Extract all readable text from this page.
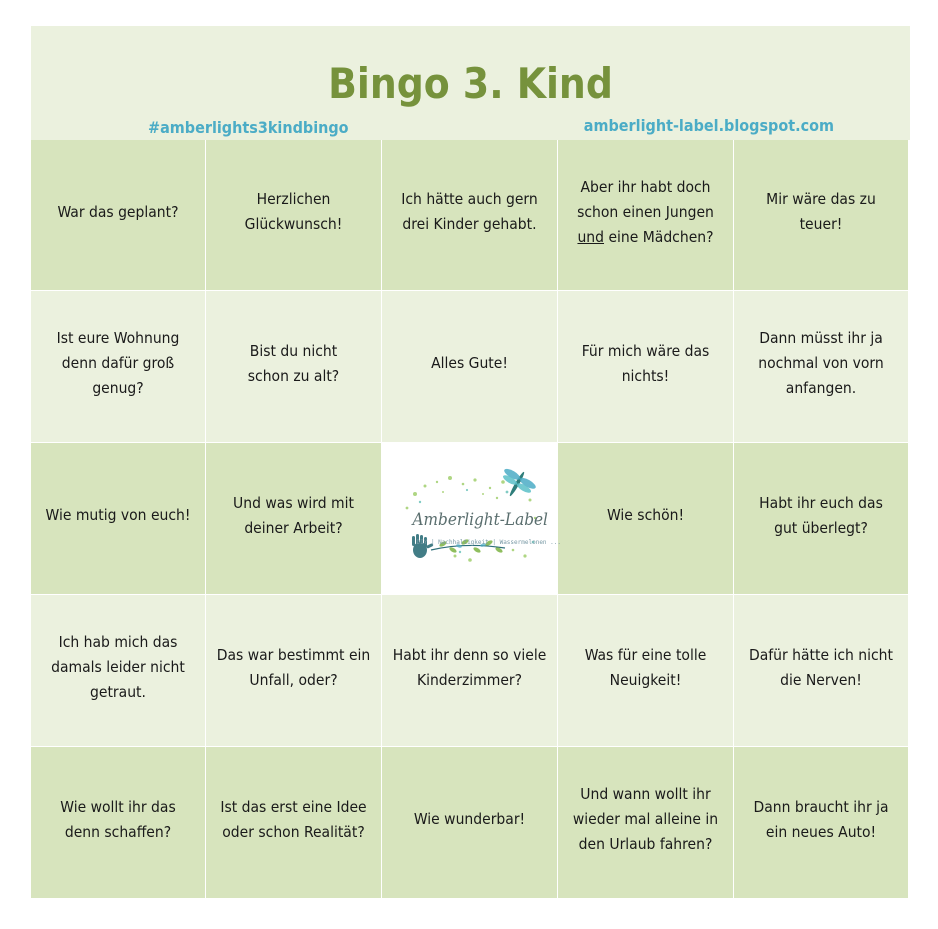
Bingo 3. Kind
#amberlights3kindbingo	amberlight-label.blogspot.com
War das geplant?
Herzlichen
Glückwunsch!
Ich hätte auch gern
drei Kinder gehabt.
Aber ihr habt doch
schon einen Jungen
und eine Mädchen?
Mir wäre das zu
teuer!
Ist eure Wohnung
denn dafür groß
genug?
Bist du nicht
schon zu alt?
Alles Gute!
Für mich wäre das
nichts!
Dann müsst ihr ja
nochmal von vorn
anfangen.
Wie mutig von euch!
Und was wird mit
deiner Arbeit?	Amberlight-Label
DIY | Nachhaltigkeit | Wassermelonen ...
Wie schön!
Habt ihr euch das
gut überlegt?
Ich hab mich das
damals leider nicht
getraut.
Das war bestimmt ein
Unfall, oder?
Habt ihr denn so viele
Kinderzimmer?
Was für eine tolle
Neuigkeit!
Dafür hätte ich nicht
die Nerven!
Wie wollt ihr das
denn schaffen?
Ist das erst eine Idee
oder schon Realität?
Wie wunderbar!
Und wann wollt ihr
wieder mal alleine in
den Urlaub fahren?
Dann braucht ihr ja
ein neues Auto!
